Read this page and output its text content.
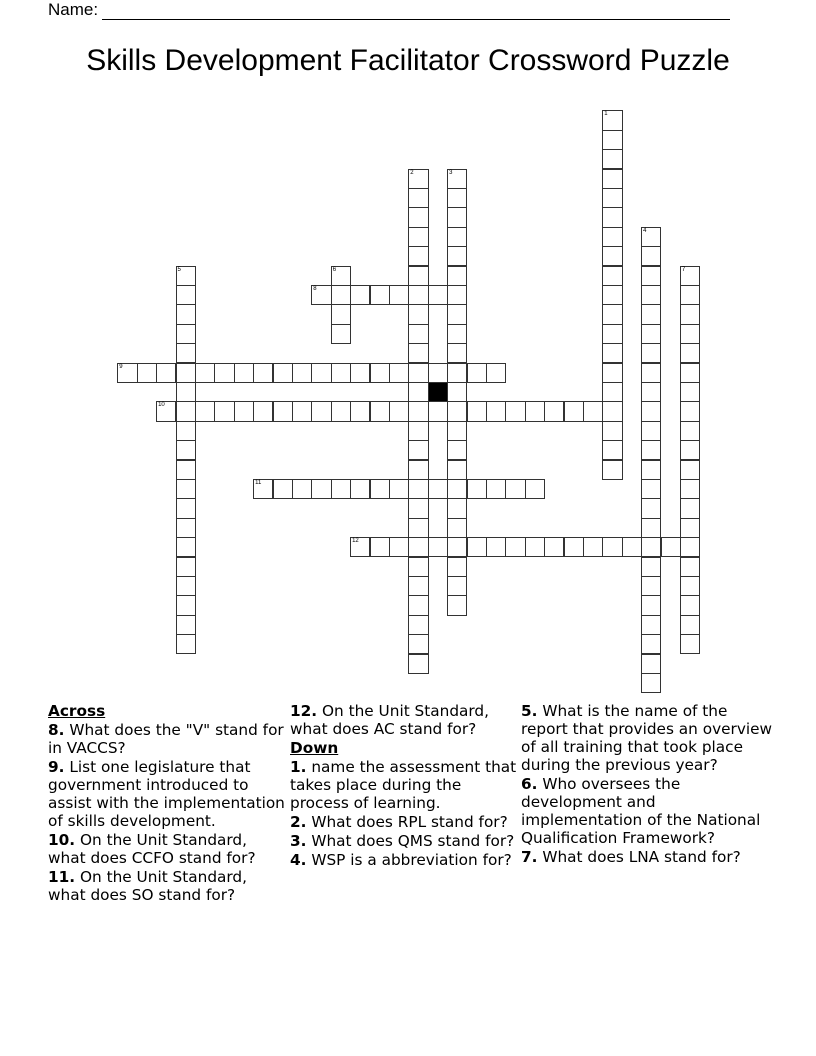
Name:
Skills Development Facilitator Crossword Puzzle
1
2	3
4
5	6	7
8
9
10
11
12
Across
8. What does the "V" stand for in VACCS?
9. List one legislature that government introduced to assist with the implementation of skills development.
10. On the Unit Standard, what does CCFO stand for?
11. On the Unit Standard, what does SO stand for?
12. On the Unit Standard, what does AC stand for?
Down
1. name the assessment that takes place during the process of learning.
2. What does RPL stand for?
3. What does QMS stand for?
4. WSP is a abbreviation for?
5. What is the name of the report that provides an overview of all training that took place during the previous year?
6. Who oversees the development and implementation of the National Qualification Framework?
7. What does LNA stand for?
